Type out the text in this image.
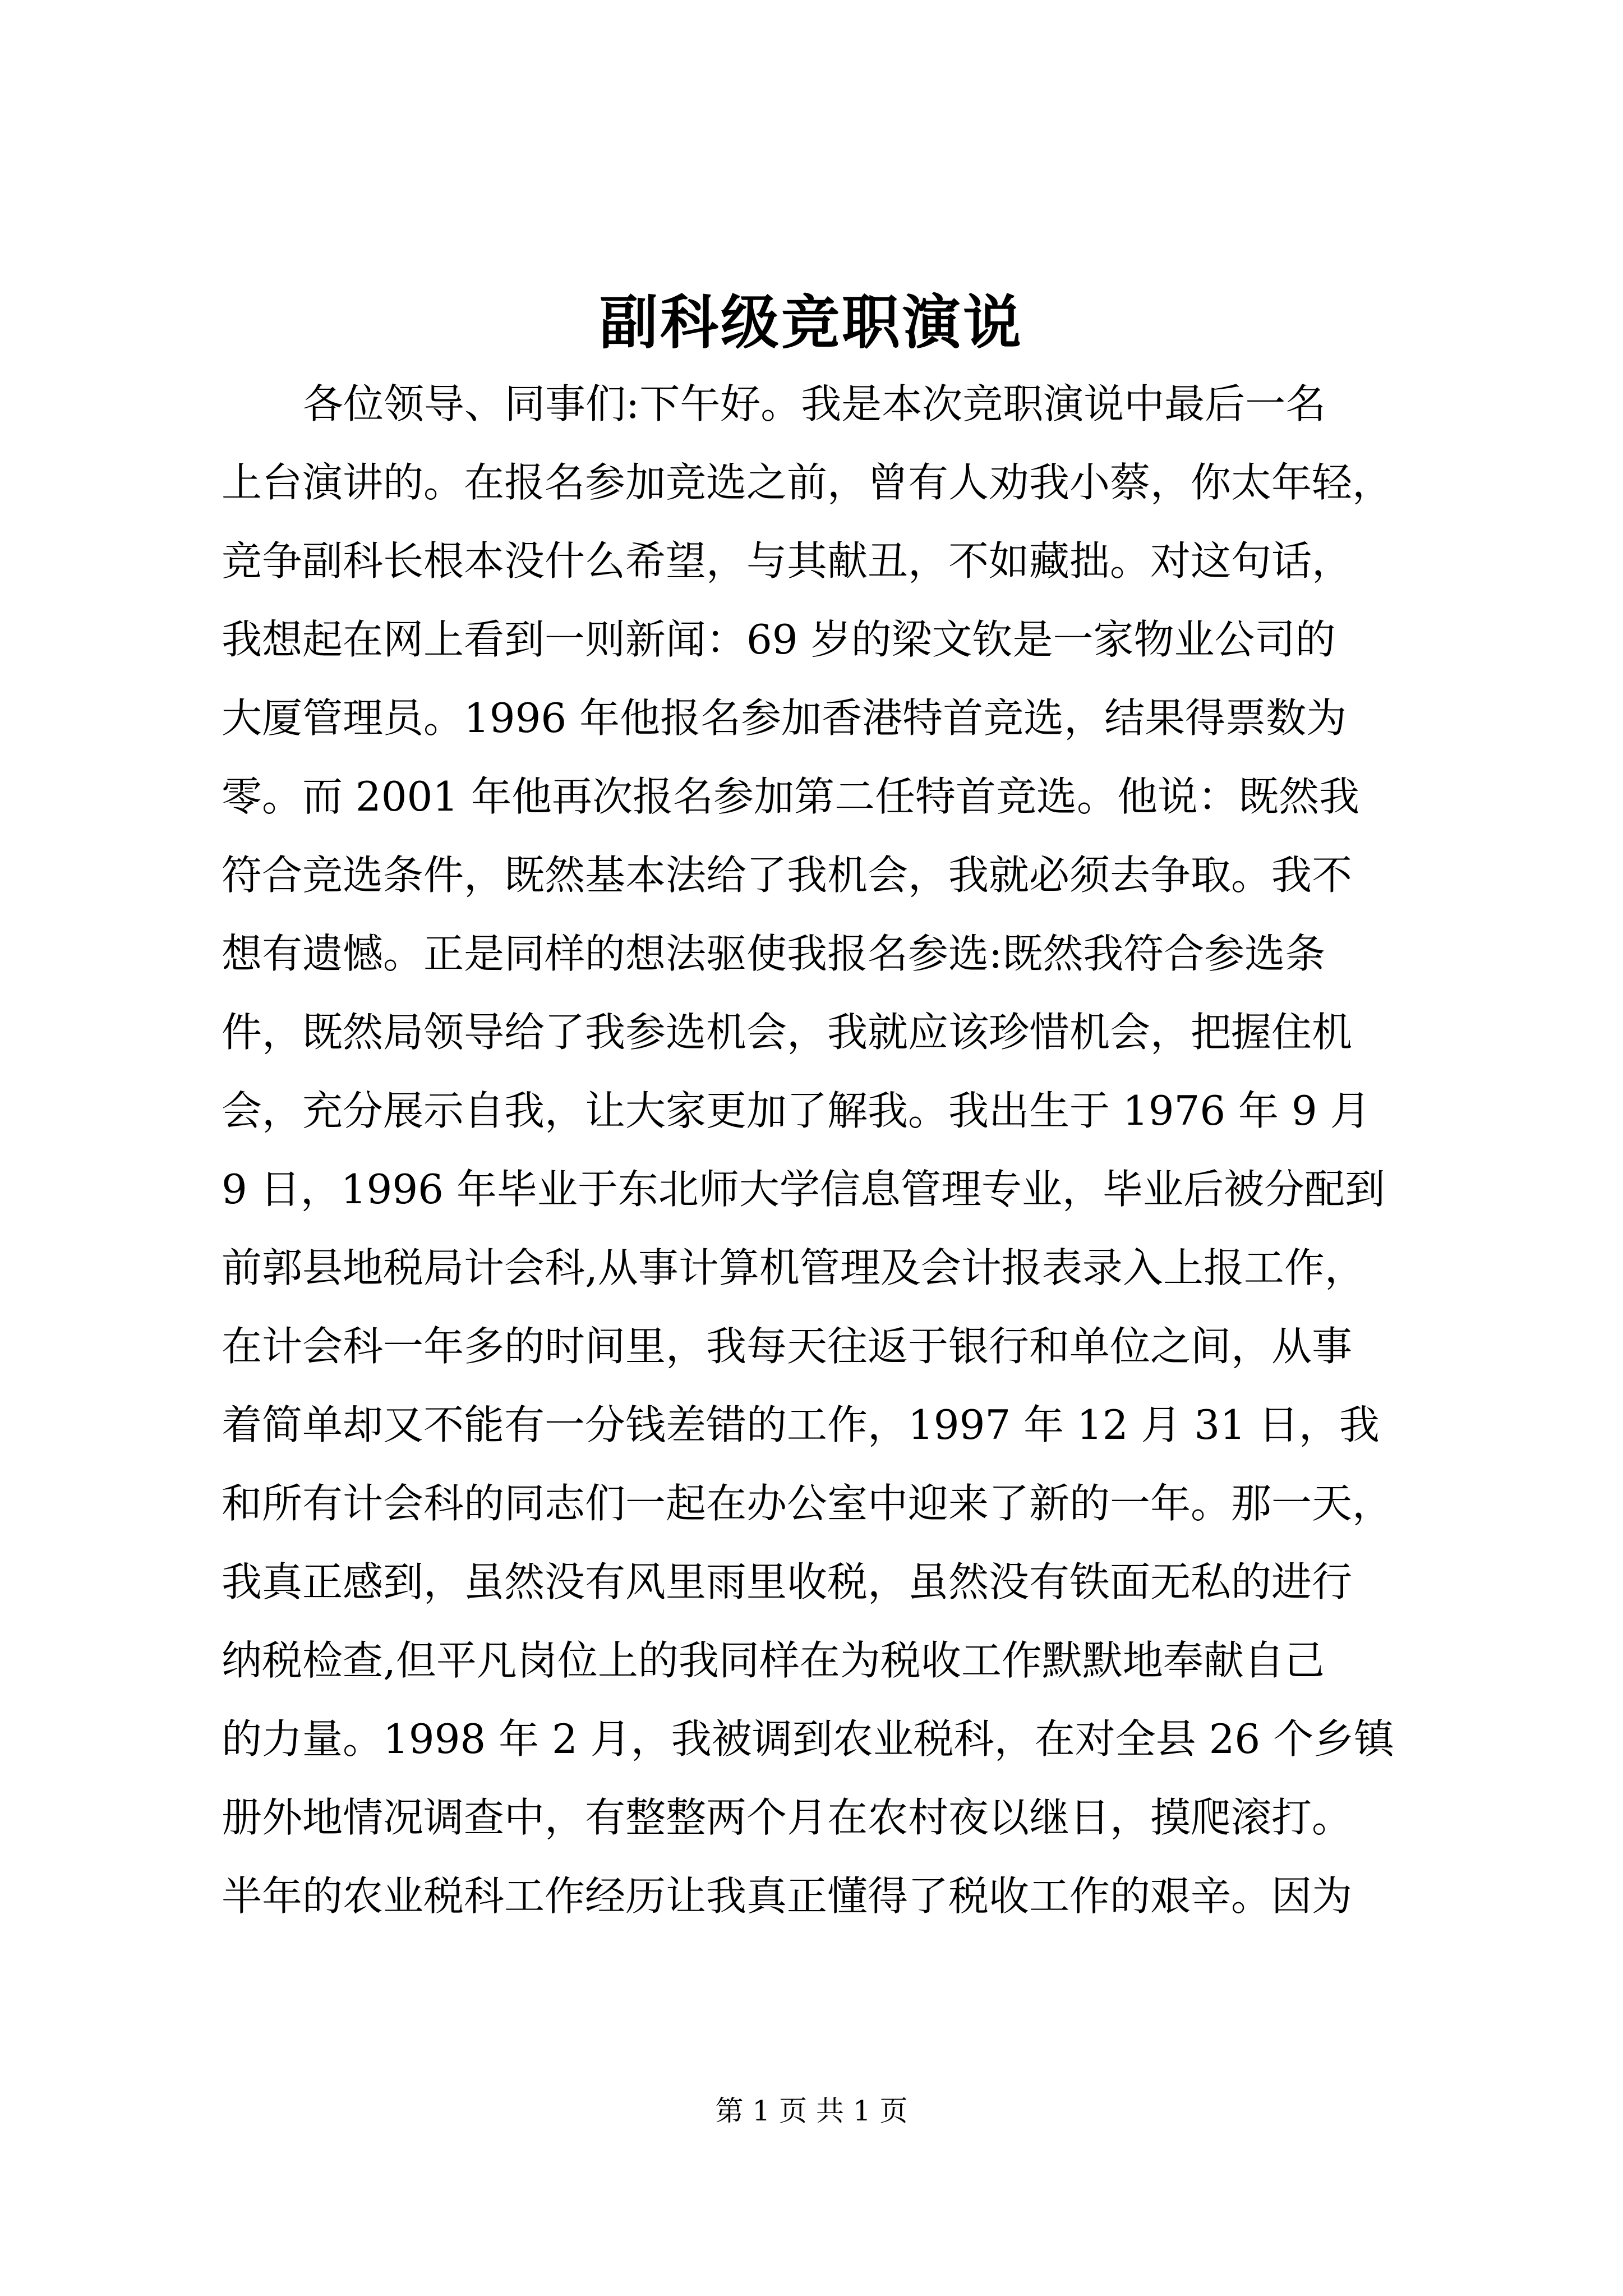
副科级竞职演说
各位领导、同事们:下午好。我是本次竞职演说中最后一名
上台演讲的。在报名参加竞选之前，曾有人劝我小蔡，你太年轻，
竞争副科长根本没什么希望，与其献丑，不如藏拙。对这句话，
我想起在网上看到一则新闻：69 岁的梁文钦是一家物业公司的
大厦管理员。1996 年他报名参加香港特首竞选，结果得票数为
零。而 2001 年他再次报名参加第二任特首竞选。他说：既然我
符合竞选条件，既然基本法给了我机会，我就必须去争取。我不
想有遗憾。正是同样的想法驱使我报名参选:既然我符合参选条
件，既然局领导给了我参选机会，我就应该珍惜机会，把握住机
会，充分展示自我，让大家更加了解我。我出生于 1976 年 9 月
9 日，1996 年毕业于东北师大学信息管理专业，毕业后被分配到
前郭县地税局计会科,从事计算机管理及会计报表录入上报工作，
在计会科一年多的时间里，我每天往返于银行和单位之间，从事
着简单却又不能有一分钱差错的工作，1997 年 12 月 31 日，我
和所有计会科的同志们一起在办公室中迎来了新的一年。那一天，
我真正感到，虽然没有风里雨里收税，虽然没有铁面无私的进行
纳税检查,但平凡岗位上的我同样在为税收工作默默地奉献自己
的力量。1998 年 2 月，我被调到农业税科，在对全县 26 个乡镇
册外地情况调查中，有整整两个月在农村夜以继日，摸爬滚打。
半年的农业税科工作经历让我真正懂得了税收工作的艰辛。因为
第 1 页 共 1 页
